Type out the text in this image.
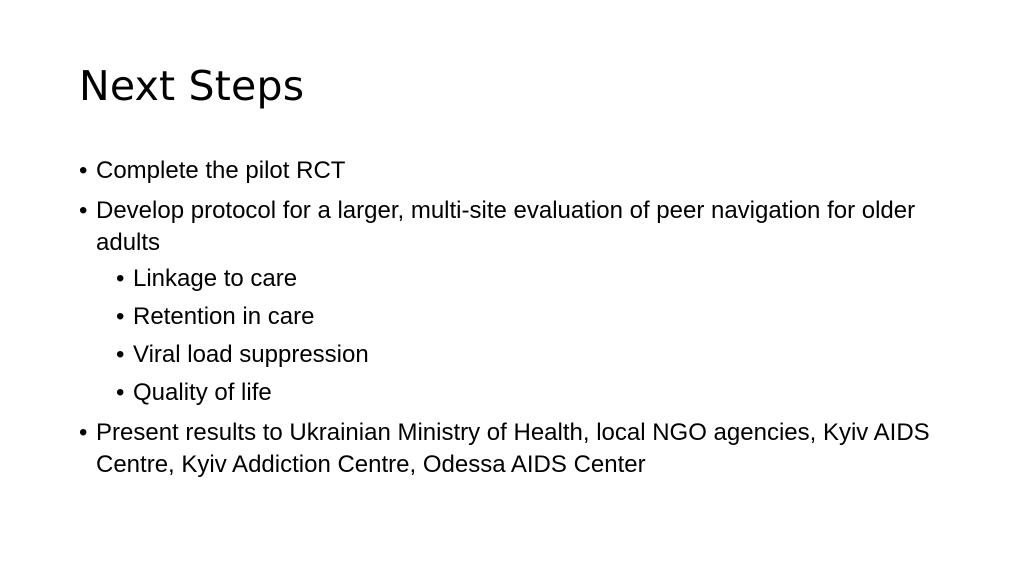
Next Steps
• Complete the pilot RCT
• Develop protocol for a larger, multi-site evaluation of peer navigation for older adults
• Linkage to care
• Retention in care
• Viral load suppression
• Quality of life
• Present results to Ukrainian Ministry of Health, local NGO agencies, Kyiv AIDS Centre, Kyiv Addiction Centre, Odessa AIDS Center
